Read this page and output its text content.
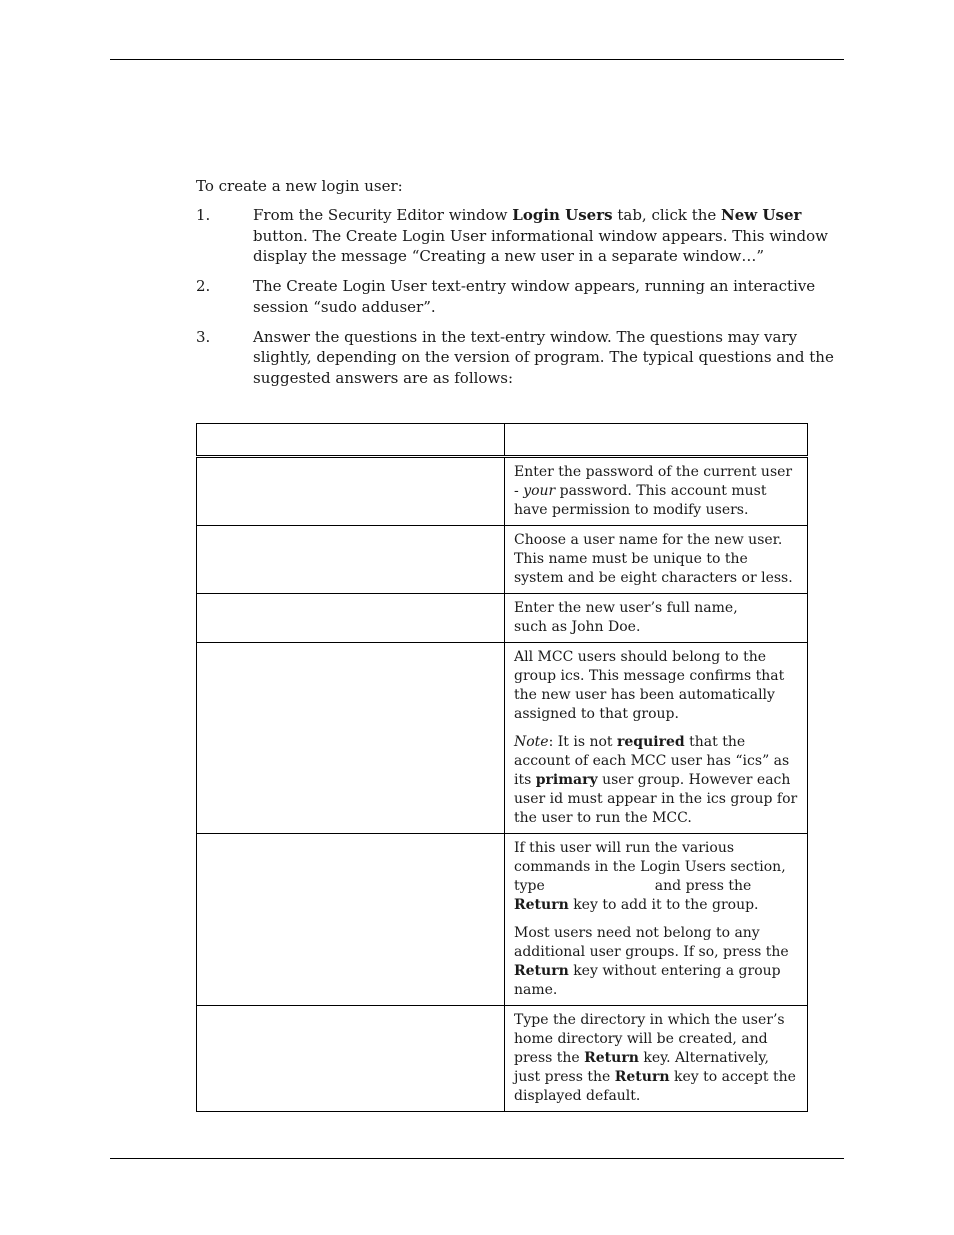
To create a new login user:

1.	From the Security Editor window Login Users tab, click the New User button. The Create Login User informational window appears. This window display the message “Creating a new user in a separate window…”
2.	The Create Login User text-entry window appears, running an interactive session “sudo adduser”.
3.	Answer the questions in the text-entry window. The questions may vary slightly, depending on the version of program. The typical questions and the suggested answers are as follows:

	Enter the password of the current user - your password. This account must have permission to modify users.

	Choose a user name for the new user. This name must be unique to the system and be eight characters or less.

	Enter the new user’s full name,
such as John Doe.

	All MCC users should belong to the group ics. This message confirms that the new user has been automatically assigned to that group.

Note: It is not required that the account of each MCC user has “ics” as its primary user group. However each user id must appear in the ics group for the user to run the MCC.

	If this user will run the various commands in the Login Users section, type and press the Return key to add it to the group.

Most users need not belong to any additional user groups. If so, press the Return key without entering a group name.

	Type the directory in which the user’s home directory will be created, and press the Return key. Alternatively, just press the Return key to accept the displayed default.
